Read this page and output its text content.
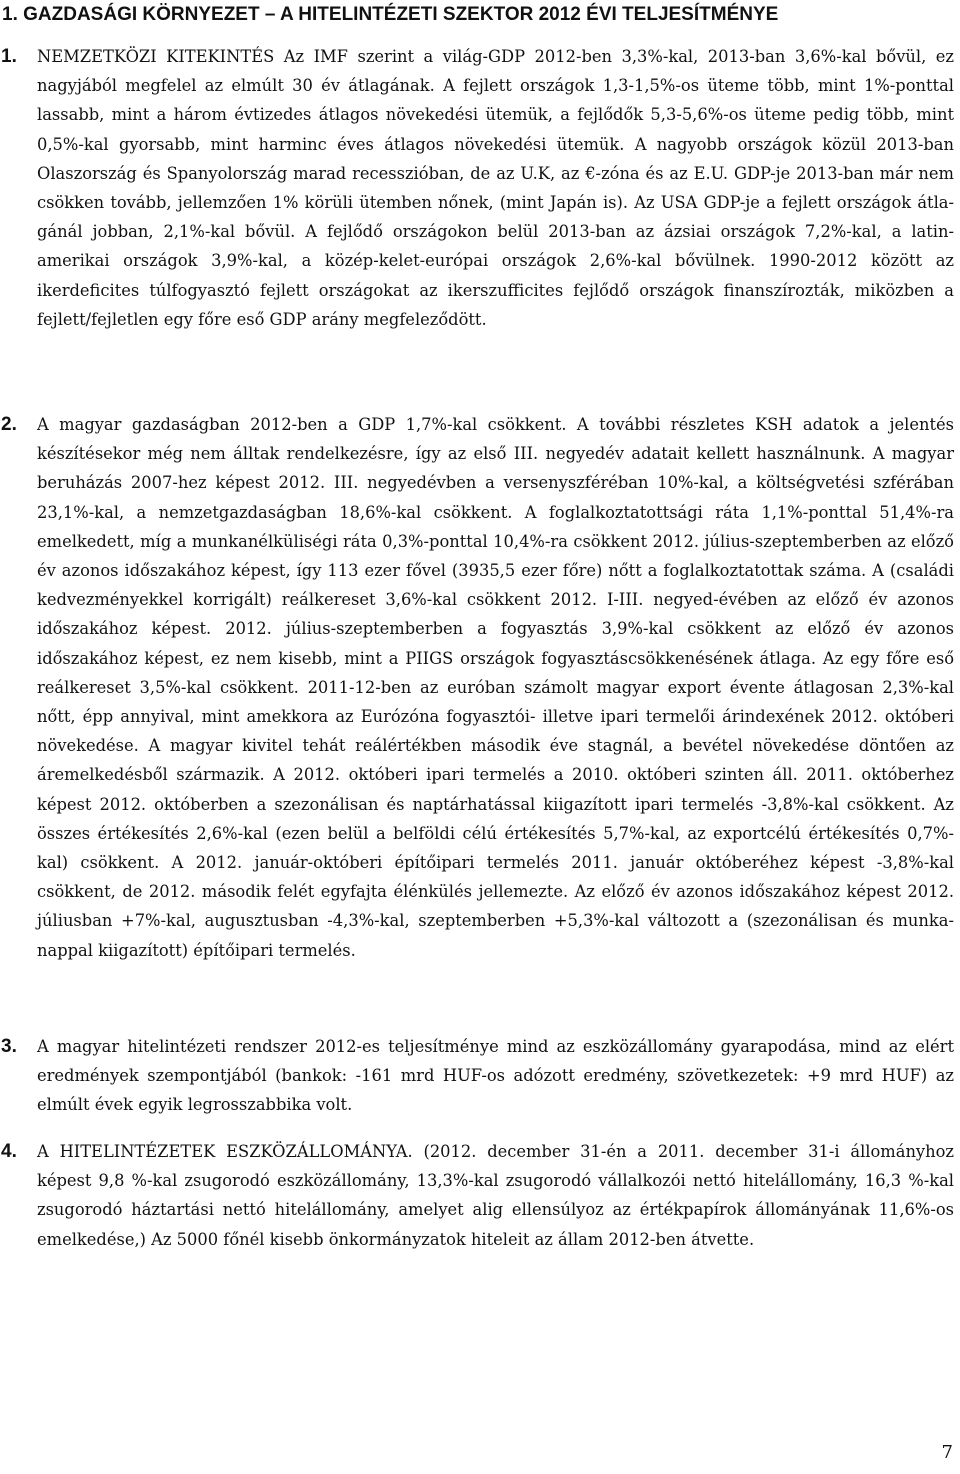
1. GAZDASÁGI KÖRNYEZET – A HITELINTÉZETI SZEKTOR 2012 ÉVI TELJESÍTMÉNYE
1. NEMZETKÖZI KITEKINTÉS Az IMF szerint a világ-GDP 2012-ben 3,3%-kal, 2013-ban 3,6%-kal bővül, ez nagyjából megfelel az elmúlt 30 év átlagának. A fejlett országok 1,3-1,5%-os üteme több, mint 1%-ponttal lassabb, mint a három évtizedes átlagos növekedési ütemük, a fejlődők 5,3-5,6%-os üteme pedig több, mint 0,5%-kal gyorsabb, mint harminc éves átlagos növekedési ütemük. A nagyobb országok közül 2013-ban Olaszország és Spanyolország marad recesszióban, de az U.K, az €-zóna és az E.U. GDP-je 2013-ban már nem csökken tovább, jellemzően 1% körüli ütemben nőnek, (mint Japán is). Az USA GDP-je a fejlett országok átlagánál jobban, 2,1%-kal bővül. A fejlődő országokon belül 2013-ban az ázsiai országok 7,2%-kal, a latin-amerikai országok 3,9%-kal, a közép-kelet-európai országok 2,6%-kal bővülnek. 1990-2012 között az ikerdeficites túlfogyasztó fejlett országokat az ikerszufficites fejlődő országok finanszírozták, miközben a fejlett/fejletlen egy főre eső GDP arány megfeleződött.

2. A magyar gazdaságban 2012-ben a GDP 1,7%-kal csökkent. A további részletes KSH adatok a jelentés készítésekor még nem álltak rendelkezésre, így az első III. negyedév adatait kellett használnunk. A magyar beruházás 2007-hez képest 2012. III. negyedévben a versenyszféréban 10%-kal, a költségvetési szférában 23,1%-kal, a nemzetgazdaságban 18,6%-kal csökkent. A foglalkoztatottsági ráta 1,1%-ponttal 51,4%-ra emelkedett, míg a munkanélküliségi ráta 0,3%-ponttal 10,4%-ra csökkent 2012. július-szeptemberben az előző év azonos időszakához képest, így 113 ezer fővel (3935,5 ezer főre) nőtt a foglalkoztatottak száma. A (családi kedvezményekkel korrigált) reálkereset 3,6%-kal csökkent 2012. I-III. negyed-évében az előző év azonos időszakához képest. 2012. július-szeptemberben a fogyasztás 3,9%-kal csökkent az előző év azonos időszakához képest, ez nem kisebb, mint a PIIGS országok fogyasztáscsökkenésének átlaga. Az egy főre eső reálkereset 3,5%-kal csökkent. 2011-12-ben az euróban számolt magyar export évente átlagosan 2,3%-kal nőtt, épp annyival, mint amekkora az Eurózóna fogyasztói- illetve ipari termelői árindexének 2012. októberi növekedése. A magyar kivitel tehát reálértékben második éve stagnál, a bevétel növekedése döntően az áremelkedésből származik. A 2012. októberi ipari termelés a 2010. októberi szinten áll. 2011. októberhez képest 2012. októberben a szezonálisan és naptárhatással kiigazított ipari termelés -3,8%-kal csökkent. Az összes értékesítés 2,6%-kal (ezen belül a belföldi célú értékesítés 5,7%-kal, az exportcélú értékesítés 0,7%-kal) csökkent. A 2012. január-októberi építőipari termelés 2011. január októberéhez képest -3,8%-kal csökkent, de 2012. második felét egyfajta élénkülés jellemezte. Az előző év azonos időszakához képest 2012. júliusban +7%-kal, augusztusban -4,3%-kal, szeptemberben +5,3%-kal változott a (szezonálisan és munkanappal kiigazított) építőipari termelés.

3. A magyar hitelintézeti rendszer 2012-es teljesítménye mind az eszközállomány gyarapodása, mind az elért eredmények szempontjából (bankok: -161 mrd HUF-os adózott eredmény, szövetkezetek: +9 mrd HUF) az elmúlt évek egyik legrosszabbika volt.

4. A HITELINTÉZETEK ESZKÖZÁLLOMÁNYA. (2012. december 31-én a 2011. december 31-i állományhoz képest 9,8 %-kal zsugorodó eszközállomány, 13,3%-kal zsugorodó vállalkozói nettó hitelállomány, 16,3 %-kal zsugorodó háztartási nettó hitelállomány, amelyet alig ellensúlyoz az értékpapírok állományának 11,6%-os emelkedése,) Az 5000 főnél kisebb önkormányzatok hiteleit az állam 2012-ben átvette.

7
